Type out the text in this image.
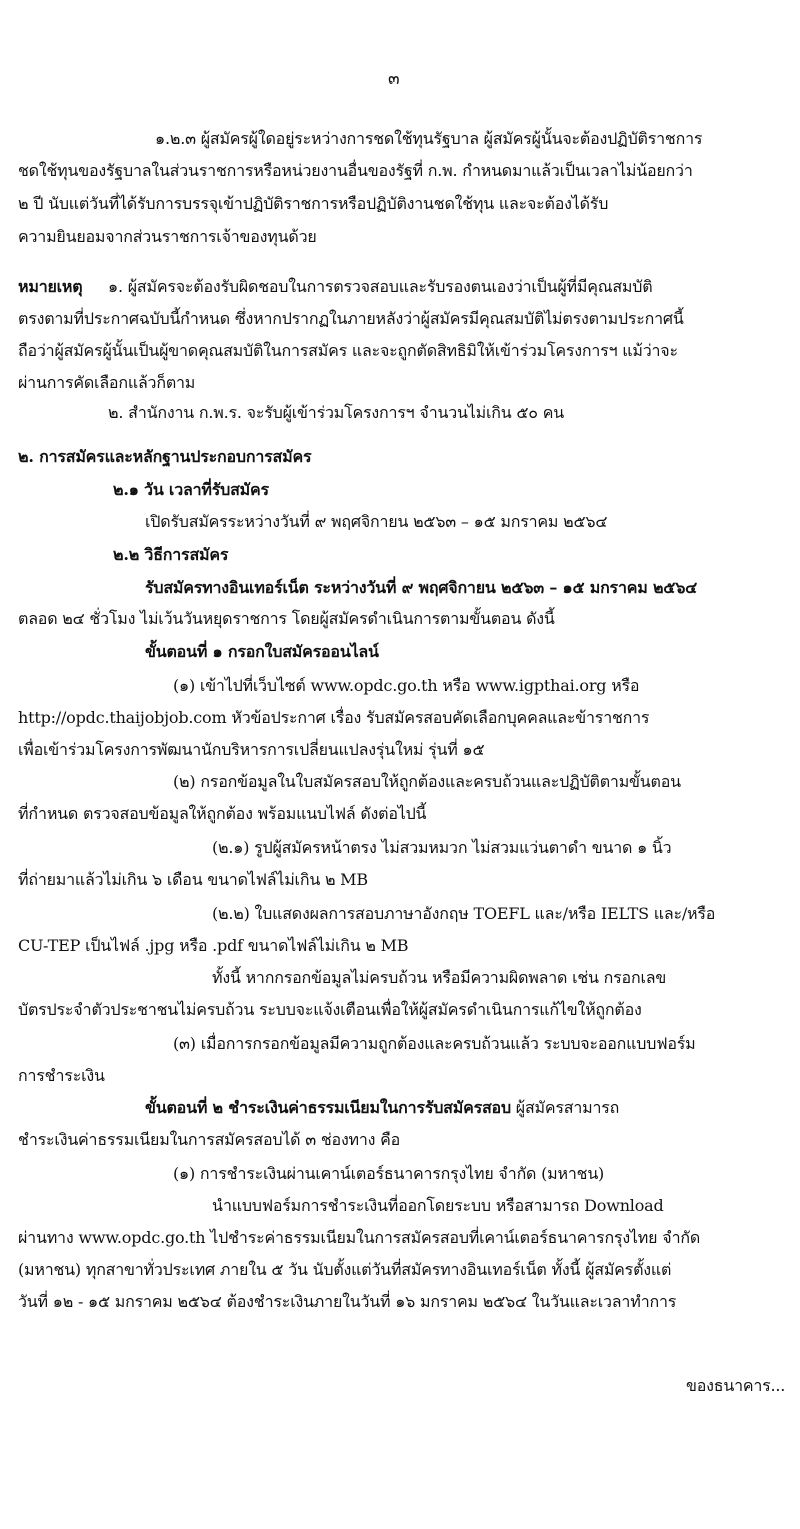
๓
๑.๒.๓ ผู้สมัครผู้ใดอยู่ระหว่างการชดใช้ทุนรัฐบาล ผู้สมัครผู้นั้นจะต้องปฏิบัติราชการ
ชดใช้ทุนของรัฐบาลในส่วนราชการหรือหน่วยงานอื่นของรัฐที่ ก.พ. กำหนดมาแล้วเป็นเวลาไม่น้อยกว่า
๒ ปี นับแต่วันที่ได้รับการบรรจุเข้าปฏิบัติราชการหรือปฏิบัติงานชดใช้ทุน และจะต้องได้รับ
ความยินยอมจากส่วนราชการเจ้าของทุนด้วย
หมายเหตุ ๑. ผู้สมัครจะต้องรับผิดชอบในการตรวจสอบและรับรองตนเองว่าเป็นผู้ที่มีคุณสมบัติ
ตรงตามที่ประกาศฉบับนี้กำหนด ซึ่งหากปรากฏในภายหลังว่าผู้สมัครมีคุณสมบัติไม่ตรงตามประกาศนี้
ถือว่าผู้สมัครผู้นั้นเป็นผู้ขาดคุณสมบัติในการสมัคร และจะถูกตัดสิทธิมิให้เข้าร่วมโครงการฯ แม้ว่าจะ
ผ่านการคัดเลือกแล้วก็ตาม
๒. สำนักงาน ก.พ.ร. จะรับผู้เข้าร่วมโครงการฯ จำนวนไม่เกิน ๕๐ คน
๒. การสมัครและหลักฐานประกอบการสมัคร
๒.๑ วัน เวลาที่รับสมัคร
เปิดรับสมัครระหว่างวันที่ ๙ พฤศจิกายน ๒๕๖๓ – ๑๕ มกราคม ๒๕๖๔
๒.๒ วิธีการสมัคร
รับสมัครทางอินเทอร์เน็ต ระหว่างวันที่ ๙ พฤศจิกายน ๒๕๖๓ – ๑๕ มกราคม ๒๕๖๔
ตลอด ๒๔ ชั่วโมง ไม่เว้นวันหยุดราชการ โดยผู้สมัครดำเนินการตามขั้นตอน ดังนี้
ขั้นตอนที่ ๑ กรอกใบสมัครออนไลน์
(๑) เข้าไปที่เว็บไซต์ www.opdc.go.th หรือ www.igpthai.org หรือ
http://opdc.thaijobjob.com หัวข้อประกาศ เรื่อง รับสมัครสอบคัดเลือกบุคคลและข้าราชการ
เพื่อเข้าร่วมโครงการพัฒนานักบริหารการเปลี่ยนแปลงรุ่นใหม่ รุ่นที่ ๑๕
(๒) กรอกข้อมูลในใบสมัครสอบให้ถูกต้องและครบถ้วนและปฏิบัติตามขั้นตอน
ที่กำหนด ตรวจสอบข้อมูลให้ถูกต้อง พร้อมแนบไฟล์ ดังต่อไปนี้
(๒.๑) รูปผู้สมัครหน้าตรง ไม่สวมหมวก ไม่สวมแว่นตาดำ ขนาด ๑ นิ้ว
ที่ถ่ายมาแล้วไม่เกิน ๖ เดือน ขนาดไฟล์ไม่เกิน ๒ MB
(๒.๒) ใบแสดงผลการสอบภาษาอังกฤษ TOEFL และ/หรือ IELTS และ/หรือ
CU-TEP เป็นไฟล์ .jpg หรือ .pdf ขนาดไฟล์ไม่เกิน ๒ MB
ทั้งนี้ หากกรอกข้อมูลไม่ครบถ้วน หรือมีความผิดพลาด เช่น กรอกเลข
บัตรประจำตัวประชาชนไม่ครบถ้วน ระบบจะแจ้งเตือนเพื่อให้ผู้สมัครดำเนินการแก้ไขให้ถูกต้อง
(๓) เมื่อการกรอกข้อมูลมีความถูกต้องและครบถ้วนแล้ว ระบบจะออกแบบฟอร์ม
การชำระเงิน
ขั้นตอนที่ ๒ ชำระเงินค่าธรรมเนียมในการรับสมัครสอบ ผู้สมัครสามารถ
ชำระเงินค่าธรรมเนียมในการสมัครสอบได้ ๓ ช่องทาง คือ
(๑) การชำระเงินผ่านเคาน์เตอร์ธนาคารกรุงไทย จำกัด (มหาชน)
นำแบบฟอร์มการชำระเงินที่ออกโดยระบบ หรือสามารถ Download
ผ่านทาง www.opdc.go.th ไปชำระค่าธรรมเนียมในการสมัครสอบที่เคาน์เตอร์ธนาคารกรุงไทย จำกัด
(มหาชน) ทุกสาขาทั่วประเทศ ภายใน ๕ วัน นับตั้งแต่วันที่สมัครทางอินเทอร์เน็ต ทั้งนี้ ผู้สมัครตั้งแต่
วันที่ ๑๒ - ๑๕ มกราคม ๒๕๖๔ ต้องชำระเงินภายในวันที่ ๑๖ มกราคม ๒๕๖๔ ในวันและเวลาทำการ
ของธนาคาร...
